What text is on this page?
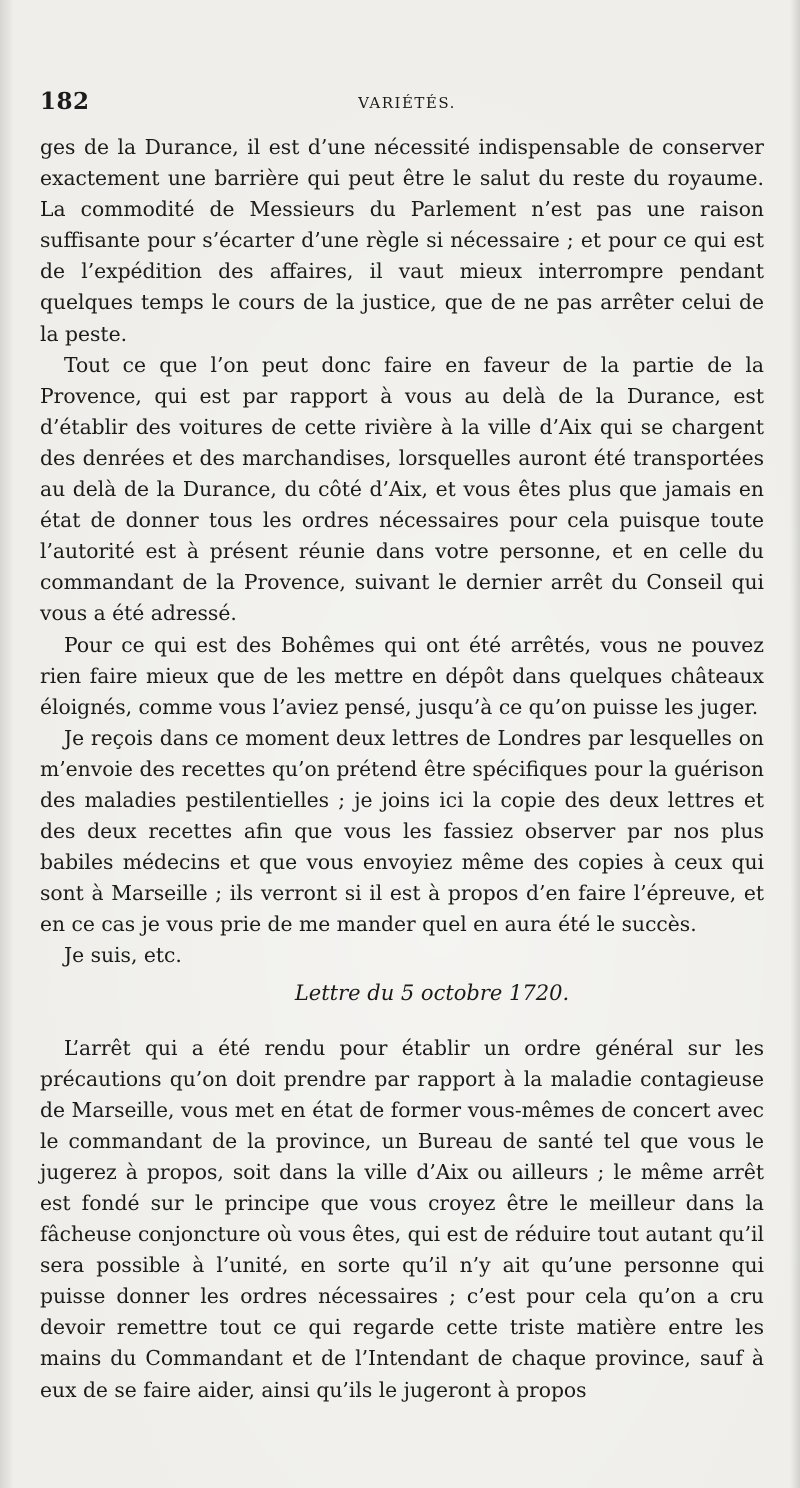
182	VARIÉTÉS.

ges de la Durance, il est d’une nécessité indispensable de conserver exactement une barrière qui peut être le salut du reste du royaume. La commodité de Messieurs du Parlement n’est pas une raison suffisante pour s’écarter d’une règle si nécessaire ; et pour ce qui est de l’expédition des affaires, il vaut mieux interrompre pendant quelques temps le cours de la justice, que de ne pas arrêter celui de la peste.

Tout ce que l’on peut donc faire en faveur de la partie de la Provence, qui est par rapport à vous au delà de la Durance, est d’établir des voitures de cette rivière à la ville d’Aix qui se chargent des denrées et des marchandises, lorsquelles auront été transportées au delà de la Durance, du côté d’Aix, et vous êtes plus que jamais en état de donner tous les ordres nécessaires pour cela puisque toute l’autorité est à présent réunie dans votre personne, et en celle du commandant de la Provence, suivant le dernier arrêt du Conseil qui vous a été adressé.

Pour ce qui est des Bohêmes qui ont été arrêtés, vous ne pouvez rien faire mieux que de les mettre en dépôt dans quelques châteaux éloignés, comme vous l’aviez pensé, jusqu’à ce qu’on puisse les juger.

Je reçois dans ce moment deux lettres de Londres par lesquelles on m’envoie des recettes qu’on prétend être spécifiques pour la guérison des maladies pestilentielles ; je joins ici la copie des deux lettres et des deux recettes afin que vous les fassiez observer par nos plus babiles médecins et que vous envoyiez même des copies à ceux qui sont à Marseille ; ils verront si il est à propos d’en faire l’épreuve, et en ce cas je vous prie de me mander quel en aura été le succès.

Je suis, etc.

Lettre du 5 octobre 1720.

L’arrêt qui a été rendu pour établir un ordre général sur les précautions qu’on doit prendre par rapport à la maladie contagieuse de Marseille, vous met en état de former vous-mêmes de concert avec le commandant de la province, un Bureau de santé tel que vous le jugerez à propos, soit dans la ville d’Aix ou ailleurs ; le même arrêt est fondé sur le principe que vous croyez être le meilleur dans la fâcheuse conjoncture où vous êtes, qui est de réduire tout autant qu’il sera possible à l’unité, en sorte qu’il n’y ait qu’une personne qui puisse donner les ordres nécessaires ; c’est pour cela qu’on a cru devoir remettre tout ce qui regarde cette triste matière entre les mains du Commandant et de l’Intendant de chaque province, sauf à eux de se faire aider, ainsi qu’ils le jugeront à propos
